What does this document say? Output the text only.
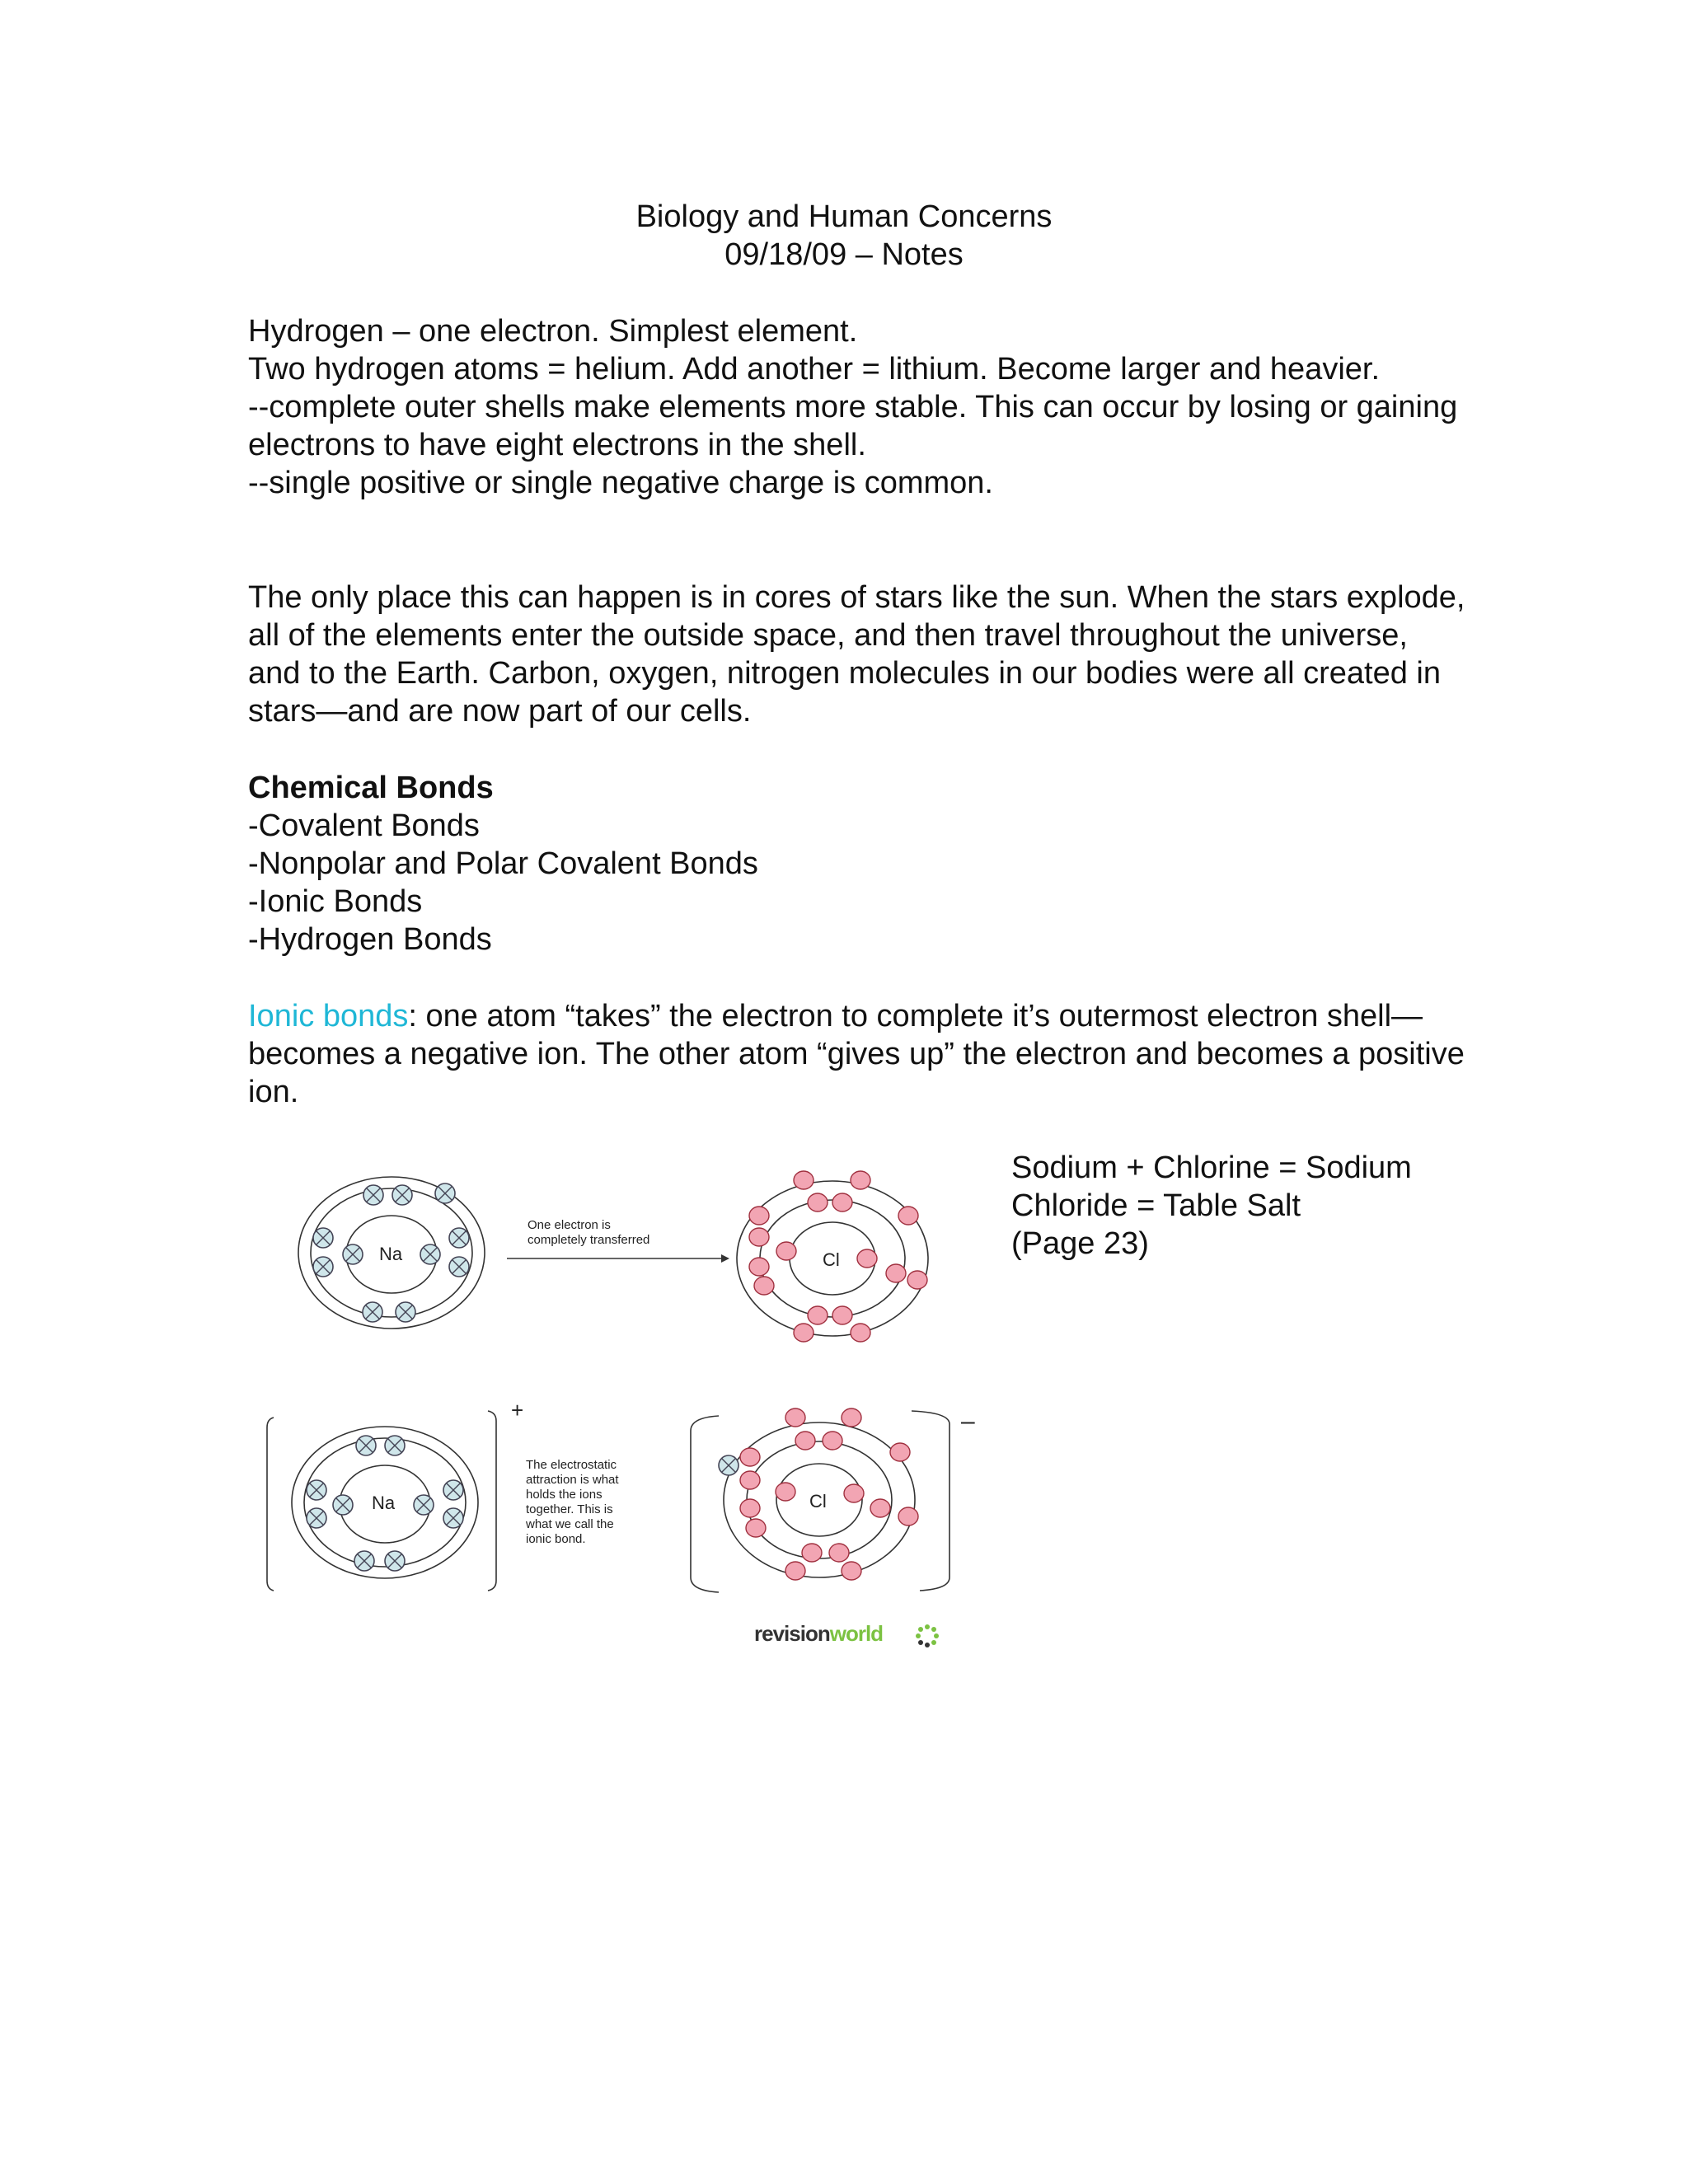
Biology and Human Concerns
09/18/09 – Notes

Hydrogen – one electron. Simplest element.

Two hydrogen atoms = helium. Add another = lithium. Become larger and heavier.

--complete outer shells make elements more stable. This can occur by losing or gaining electrons to have eight electrons in the shell.

--single positive or single negative charge is common.

The only place this can happen is in cores of stars like the sun. When the stars explode, all of the elements enter the outside space, and then travel throughout the universe, and to the Earth. Carbon, oxygen, nitrogen molecules in our bodies were all created in stars—and are now part of our cells.

Chemical Bonds

-Covalent Bonds

-Nonpolar and Polar Covalent Bonds

-Ionic Bonds

-Hydrogen Bonds

Ionic bonds: one atom “takes” the electron to complete it’s outermost electron shell—becomes a negative ion. The other atom “gives up” the electron and becomes a positive ion.

Sodium + Chlorine = Sodium
Chloride = Table Salt
(Page 23)
Na	Cl
Na	Cl
One electron is
completely transferred
The electrostatic
attraction is what
holds the ions
together. This is
what we call the
ionic bond.
+	–
revisionworld
